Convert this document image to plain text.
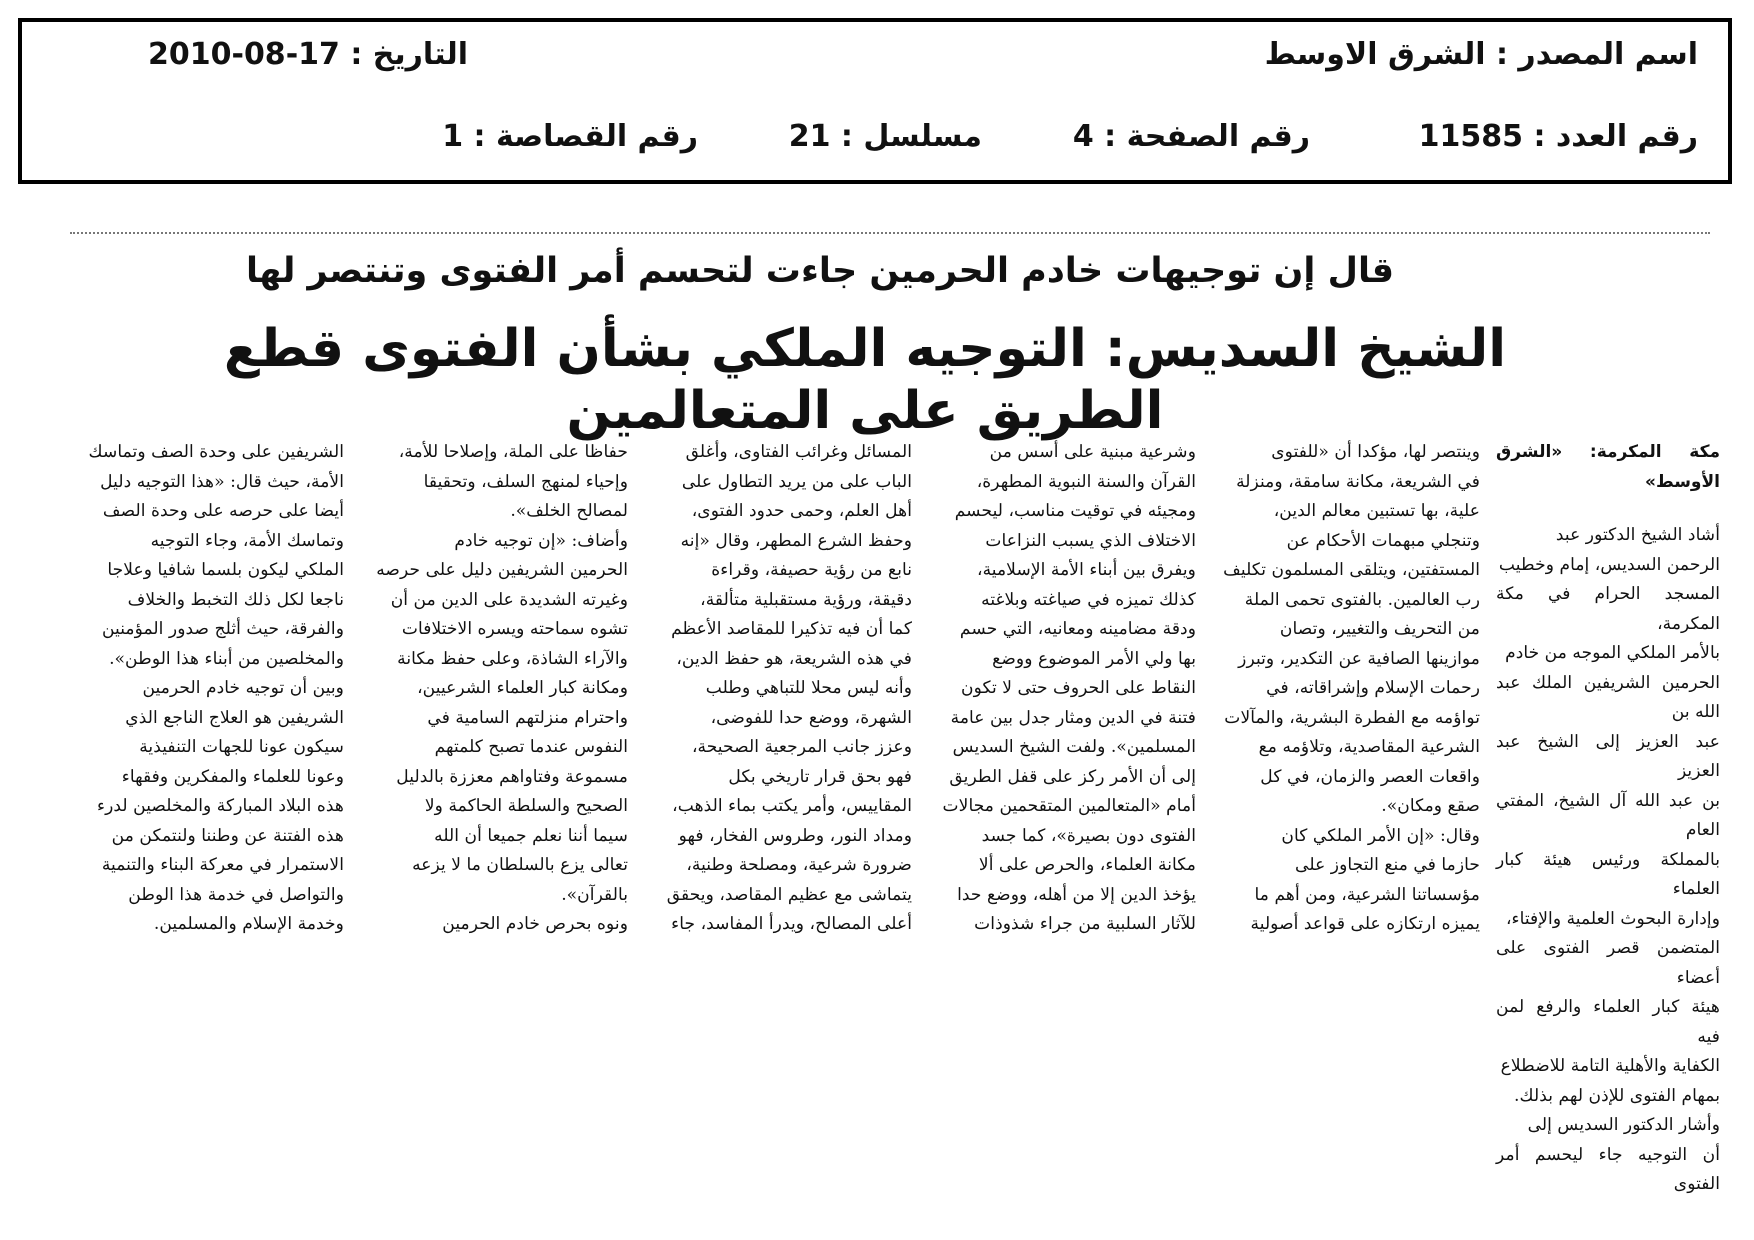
اسم المصدر : الشرق الاوسط
التاريخ : 17-08-2010
رقم العدد : 11585
رقم الصفحة : 4
مسلسل : 21
رقم القصاصة : 1
قال إن توجيهات خادم الحرمين جاءت لتحسم أمر الفتوى وتنتصر لها
الشيخ السديس: التوجيه الملكي بشأن الفتوى قطع الطريق على المتعالمين

مكة المكرمة: «الشرق الأوسط»

أشاد الشيخ الدكتور عبد
الرحمن السديس، إمام وخطيب
المسجد الحرام في مكة المكرمة،
بالأمر الملكي الموجه من خادم
الحرمين الشريفين الملك عبد الله بن
عبد العزيز إلى الشيخ عبد العزيز
بن عبد الله آل الشيخ، المفتي العام
بالمملكة ورئيس هيئة كبار العلماء
وإدارة البحوث العلمية والإفتاء،
المتضمن قصر الفتوى على أعضاء
هيئة كبار العلماء والرفع لمن فيه
الكفاية والأهلية التامة للاضطلاع
بمهام الفتوى للإذن لهم بذلك.
وأشار الدكتور السديس إلى
أن التوجيه جاء ليحسم أمر الفتوى

وينتصر لها، مؤكدا أن «للفتوى
في الشريعة، مكانة سامقة، ومنزلة
علية، بها تستبين معالم الدين،
وتنجلي مبهمات الأحكام عن
المستفتين، ويتلقى المسلمون تكليف
رب العالمين. بالفتوى تحمى الملة
من التحريف والتغيير، وتصان
موازينها الصافية عن التكدير، وتبرز
رحمات الإسلام وإشراقاته، في
تواؤمه مع الفطرة البشرية، والمآلات
الشرعية المقاصدية، وتلاؤمه مع
واقعات العصر والزمان، في كل
صقع ومكان».
وقال: «إن الأمر الملكي كان
حازما في منع التجاوز على
مؤسساتنا الشرعية، ومن أهم ما
يميزه ارتكازه على قواعد أصولية

وشرعية مبنية على أسس من
القرآن والسنة النبوية المطهرة،
ومجيئه في توقيت مناسب، ليحسم
الاختلاف الذي يسبب النزاعات
ويفرق بين أبناء الأمة الإسلامية،
كذلك تميزه في صياغته وبلاغته
ودقة مضامينه ومعانيه، التي حسم
بها ولي الأمر الموضوع ووضع
النقاط على الحروف حتى لا تكون
فتنة في الدين ومثار جدل بين عامة
المسلمين». ولفت الشيخ السديس
إلى أن الأمر ركز على قفل الطريق
أمام «المتعالمين المتقحمين مجالات
الفتوى دون بصيرة»، كما جسد
مكانة العلماء، والحرص على ألا
يؤخذ الدين إلا من أهله، ووضع حدا
للآثار السلبية من جراء شذوذات

المسائل وغرائب الفتاوى، وأغلق
الباب على من يريد التطاول على
أهل العلم، وحمى حدود الفتوى،
وحفظ الشرع المطهر، وقال «إنه
نابع من رؤية حصيفة، وقراءة
دقيقة، ورؤية مستقبلية متألقة،
كما أن فيه تذكيرا للمقاصد الأعظم
في هذه الشريعة، هو حفظ الدين،
وأنه ليس محلا للتباهي وطلب
الشهرة، ووضع حدا للفوضى،
وعزز جانب المرجعية الصحيحة،
فهو بحق قرار تاريخي بكل
المقاييس، وأمر يكتب بماء الذهب،
ومداد النور، وطروس الفخار، فهو
ضرورة شرعية، ومصلحة وطنية،
يتماشى مع عظيم المقاصد، ويحقق
أعلى المصالح، ويدرأ المفاسد، جاء

حفاظا على الملة، وإصلاحا للأمة،
وإحياء لمنهج السلف، وتحقيقا
لمصالح الخلف».
وأضاف: «إن توجيه خادم
الحرمين الشريفين دليل على حرصه
وغيرته الشديدة على الدين من أن
تشوه سماحته ويسره الاختلافات
والآراء الشاذة، وعلى حفظ مكانة
ومكانة كبار العلماء الشرعيين،
واحترام منزلتهم السامية في
النفوس عندما تصبح كلمتهم
مسموعة وفتاواهم معززة بالدليل
الصحيح والسلطة الحاكمة ولا
سيما أننا نعلم جميعا أن الله
تعالى يزع بالسلطان ما لا يزعه
بالقرآن».
ونوه بحرص خادم الحرمين

الشريفين على وحدة الصف وتماسك
الأمة، حيث قال: «هذا التوجيه دليل
أيضا على حرصه على وحدة الصف
وتماسك الأمة، وجاء التوجيه
الملكي ليكون بلسما شافيا وعلاجا
ناجعا لكل ذلك التخبط والخلاف
والفرقة، حيث أثلج صدور المؤمنين
والمخلصين من أبناء هذا الوطن».
وبين أن توجيه خادم الحرمين
الشريفين هو العلاج الناجع الذي
سيكون عونا للجهات التنفيذية
وعونا للعلماء والمفكرين وفقهاء
هذه البلاد المباركة والمخلصين لدرء
هذه الفتنة عن وطننا ولنتمكن من
الاستمرار في معركة البناء والتنمية
والتواصل في خدمة هذا الوطن
وخدمة الإسلام والمسلمين.
